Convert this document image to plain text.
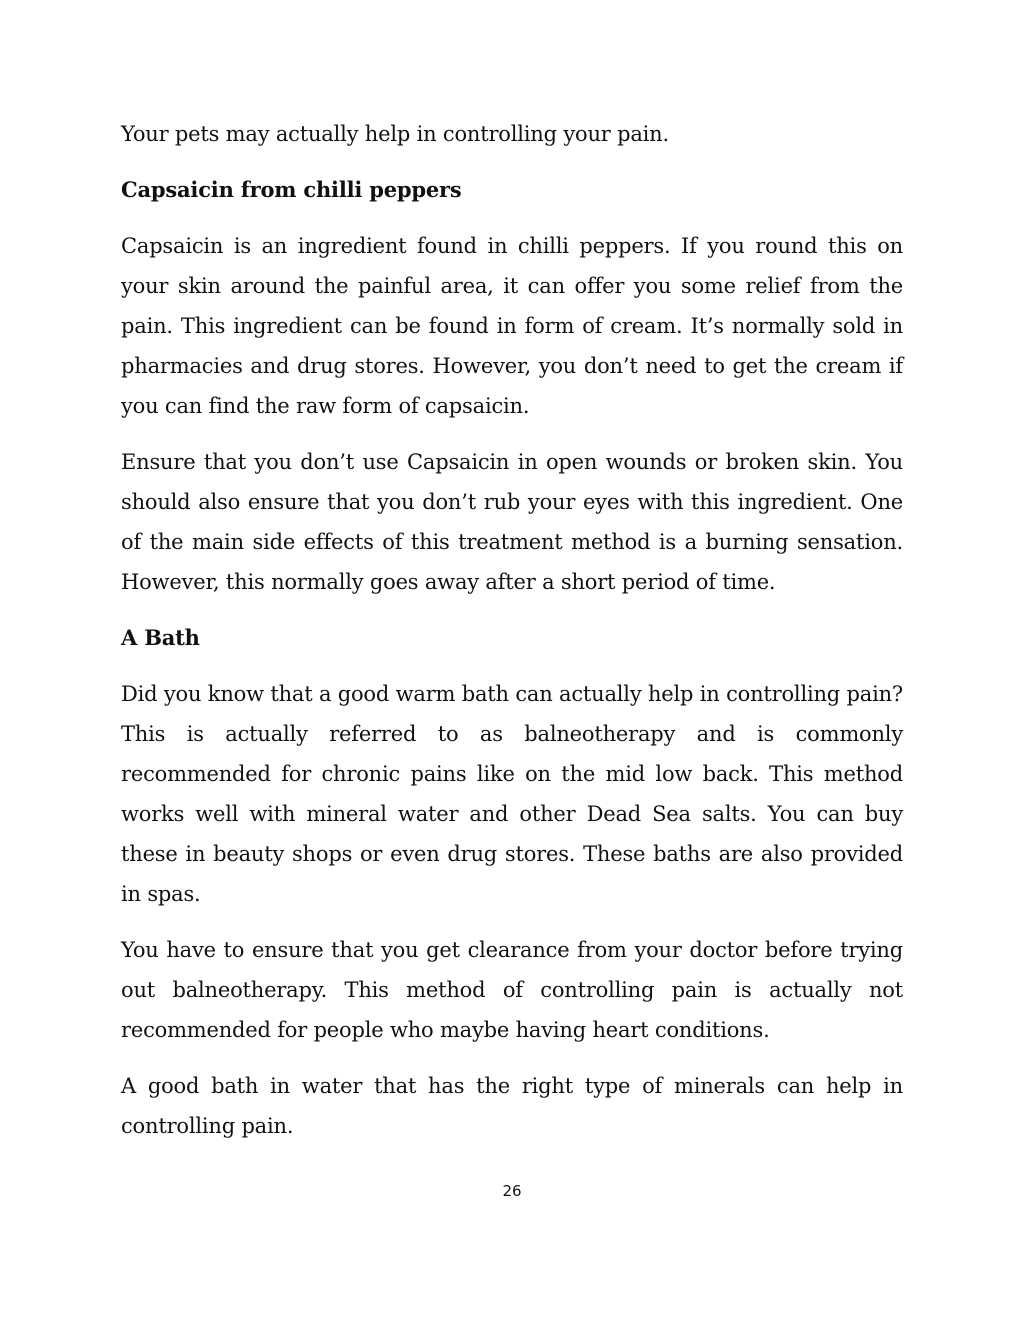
Your pets may actually help in controlling your pain.

Capsaicin from chilli peppers

Capsaicin is an ingredient found in chilli peppers. If you round this on your skin around the painful area, it can offer you some relief from the pain. This ingredient can be found in form of cream. It’s normally sold in pharmacies and drug stores. However, you don’t need to get the cream if you can find the raw form of capsaicin.

Ensure that you don’t use Capsaicin in open wounds or broken skin. You should also ensure that you don’t rub your eyes with this ingredient. One of the main side effects of this treatment method is a burning sensation. However, this normally goes away after a short period of time.

A Bath

Did you know that a good warm bath can actually help in controlling pain? This is actually referred to as balneotherapy and is commonly recommended for chronic pains like on the mid low back. This method works well with mineral water and other Dead Sea salts. You can buy these in beauty shops or even drug stores. These baths are also provided in spas.

You have to ensure that you get clearance from your doctor before trying out balneotherapy. This method of controlling pain is actually not recommended for people who maybe having heart conditions.

A good bath in water that has the right type of minerals can help in controlling pain.

26
